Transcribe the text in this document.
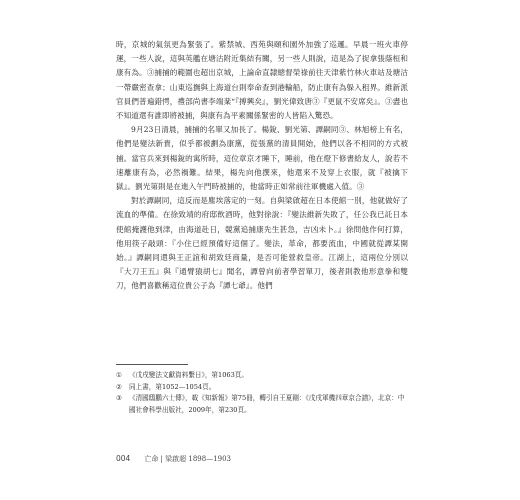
時，京城的氣氛更為緊張了。紫禁城、西苑與頤和園外加強了巡邏。早晨一班火車停運，一些人說，這與英艦在塘沽附近集結有關，另一些人則說，這是為了捉拿張蔭桓和康有為。③捕捕的範圍也超出京城，上論命直隸總督榮祿前往天津紫竹林火車站及塘沽一帶嚴密查拿；山東巡撫與上海道台則奉命查到港輪船，防止康有為躲入租界。維新派官員們普遍錯愕，禮部尚書李端棻“『搏興矣』，劉光偉致唐③『更鼠不安席矣』。③盡也不知道還有誰即將被捕，與康有為平素關係緊密的人皆陷入驚恐。

9月23日清晨，捕捕的名單又加長了。楊銳、劉光第、譚嗣同③、林旭榜上有名，他們是變法新貴，似乎都被劃為康黨，從張黨的清員開始，他們以各不相同的方式被捕。當官兵來到楊銳的寓所時，這位章京才睡下，睡前，他在燈下修書給友人，說若不速離康有為，必然禍難。結果，楊先向他撰來，他還來不及穿上衣服，就『被擒下獄』。劉光第則是在進入午門時被捕的，他當時正如常前往軍機處入值。③

對於譚嗣同，這反而是塵埃落定的一刻。自與梁啟超在日本使館一別，他就做好了流血的準備。在徐致靖的府邸飲酒時，他對徐說：『變法維新失敗了，任公我已託日本使館掩護他到津，由海道赴日，競黨追捕康先生甚急，吉凶未卜。』徐問他作何打算，他用筷子敲頭：『小住已經預備好這個了。變法，革命，都要流血，中國就從譚某開始。』譚嗣同還與王正誼和胡致廷商量，是否可能營救皇帝。江湖上，這兩位分別以『大刀王五』與『通臂猿胡七』聞名，譚曾向前者學習單刀，後者則教他形意拳和雙刀，他們喜歡稱這位貴公子為『譚七爺』。他們

①	《戊戌變法文獻資料繫日》，第1063頁。
②	同上書，第1052—1054頁。
③	《清國鴟鵬六士傳》，載《知新報》第75冊，轉引自王夏剛：《戊戌軍機四章京合譜》，北京：中國社會科學出版社，2009年，第230頁。
004 亡命 | 梁啟超 1898—1903
